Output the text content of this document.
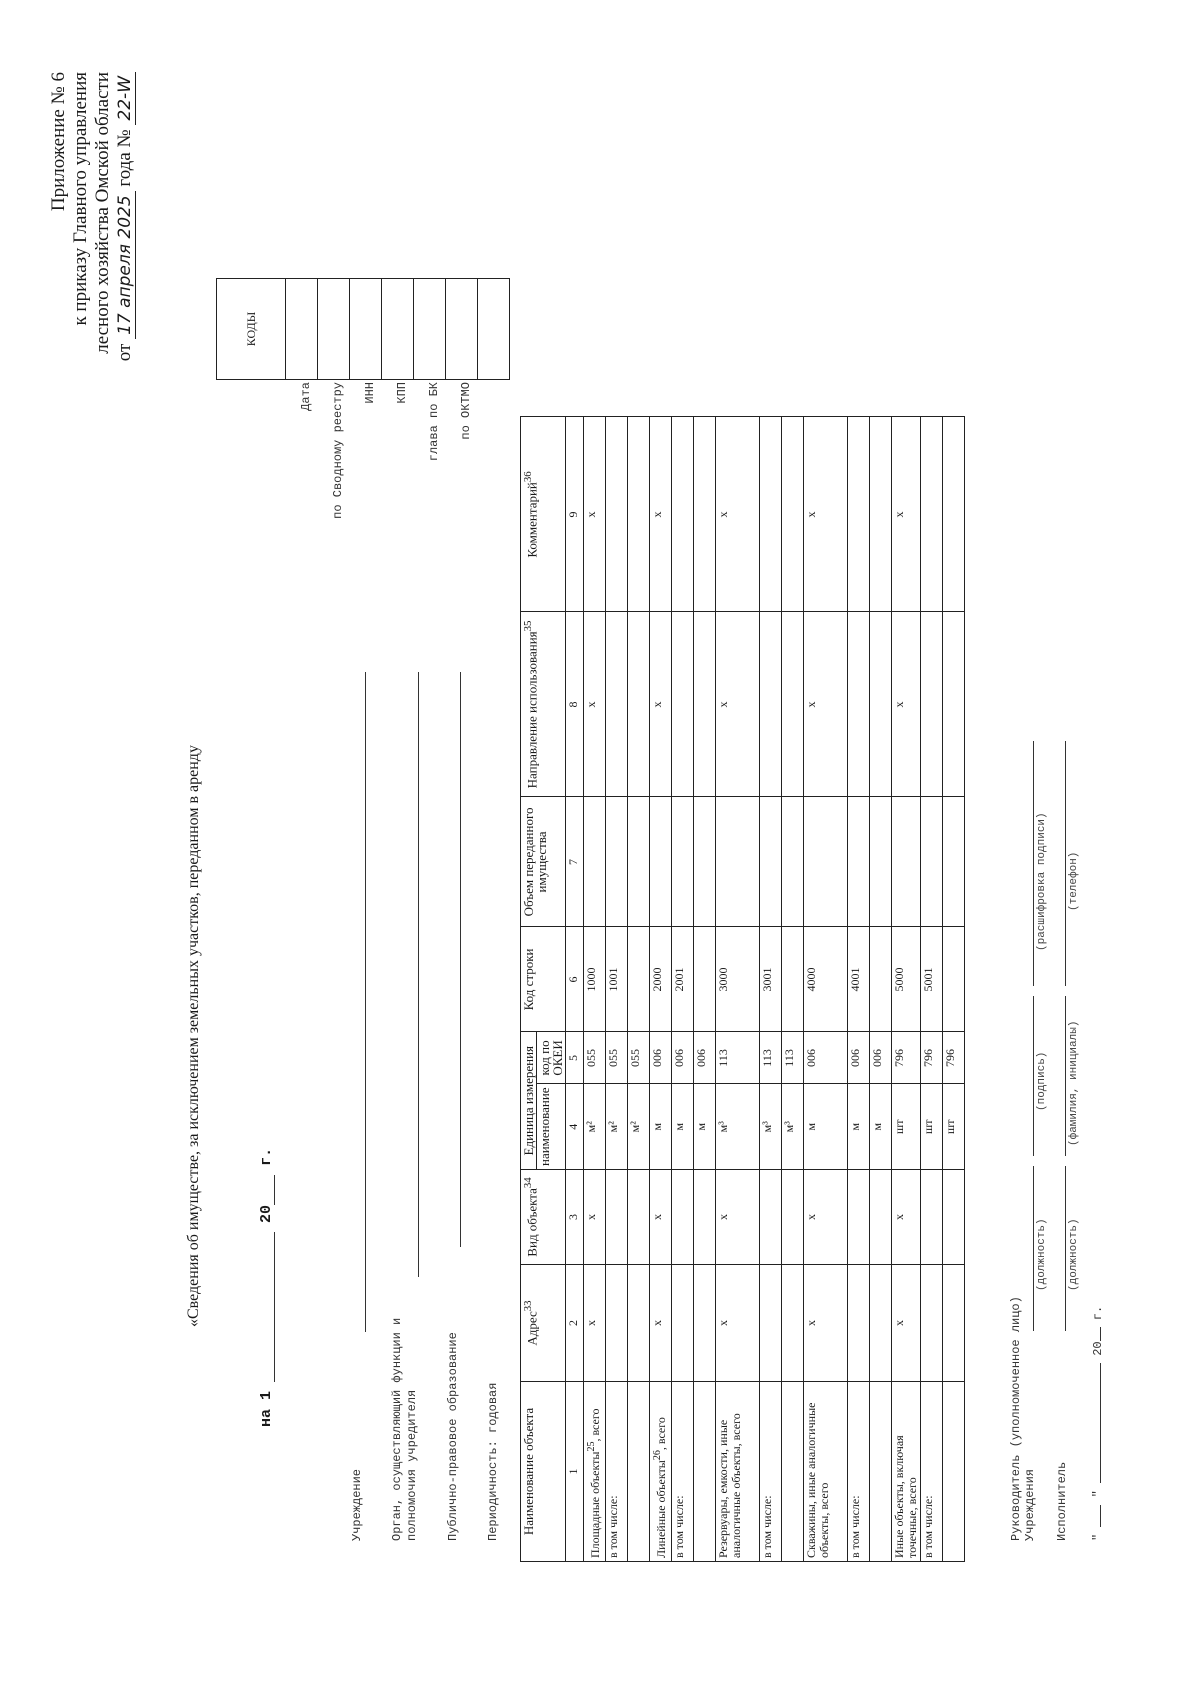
Приложение № 6 к приказу Главного управления лесного хозяйства Омской области от 17 апреля 2025 года № 22-W
«Сведения об имуществе, за исключением земельных участков, переданном в аренду
на 1  20 г.
Дата	по Сводному реестру	ИНН	КПП	глава по БК	по ОКТМО
КОДЫ

Учреждение Орган, осуществляющий функции и полномочия учредителя Публично-правовое образование Периодичность: годовая Наименование объекта	Адрес$^{33}$	Вид объекта$^{34}$	Единица измерения		Код строки	Объем переданного имущества	Направление использования$^{35}$	Комментарий$^{36}$
			наименование	код по ОКЕИ				
1	2	3	4	5	6	7	8	9
Площадные объекты$^{25}$, всего	x	x	м²	055	1000		x	x
в том числе:			м²	055	1001			
			м²	055				
Линейные объекты$^{26}$, всего	x	x	м	006	2000		x	x
в том числе:			м	006	2001			
			м	006				
Резервуары, емкости, иные аналогичные объекты, всего	x	x	м³	113	3000		x	x
в том числе:			м³	113	3001			
			м³	113				
Скважины, иные аналогичные объекты, всего	x	x	м	006	4000		x	x
в том числе:			м	006	4001			
			м	006				
Иные объекты, включая точечные, всего	x	x	шт	796	5000		x	x
в том числе:			шт	796	5001			
			шт	796				
Руководитель (уполномоченное лицо) Учреждения Исполнитель "  "  20 г.
(должность)
(подпись)
(расшифровка подписи)
(должность)
(фамилия, инициалы)
(телефон)
